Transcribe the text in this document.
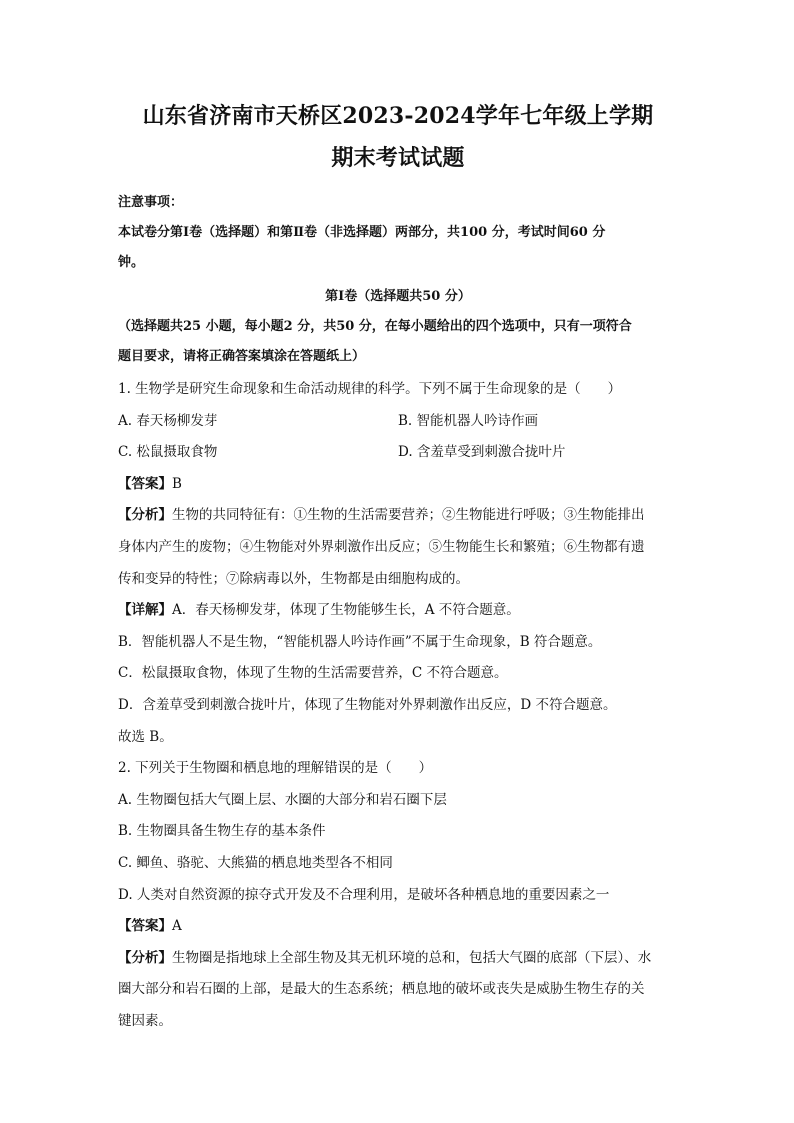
山东省济南市天桥区2023-2024学年七年级上学期
期末考试试题
注意事项：
本试卷分第Ⅰ卷（选择题）和第Ⅱ卷（非选择题）两部分，共100 分，考试时间60 分
钟。
第Ⅰ卷（选择题共50 分）
（选择题共25 小题，每小题2 分，共50 分，在每小题给出的四个选项中，只有一项符合
题目要求，请将正确答案填涂在答题纸上）

1. 生物学是研究生命现象和生命活动规律的科学。下列不属于生命现象的是（　　）

A. 春天杨柳发芽	B. 智能机器人吟诗作画

C. 松鼠摄取食物	D. 含羞草受到刺激合拢叶片

【答案】B

【分析】生物的共同特征有：①生物的生活需要营养；②生物能进行呼吸；③生物能排出
身体内产生的废物；④生物能对外界刺激作出反应；⑤生物能生长和繁殖；⑥生物都有遗
传和变异的特性；⑦除病毒以外，生物都是由细胞构成的。

【详解】A．春天杨柳发芽，体现了生物能够生长，A 不符合题意。

B．智能机器人不是生物，“智能机器人吟诗作画”不属于生命现象，B 符合题意。

C．松鼠摄取食物，体现了生物的生活需要营养，C 不符合题意。

D．含羞草受到刺激合拢叶片，体现了生物能对外界刺激作出反应，D 不符合题意。

故选 B。

2. 下列关于生物圈和栖息地的理解错误的是（　　）

A. 生物圈包括大气圈上层、水圈的大部分和岩石圈下层

B. 生物圈具备生物生存的基本条件

C. 鲫鱼、骆驼、大熊猫的栖息地类型各不相同

D. 人类对自然资源的掠夺式开发及不合理利用，是破坏各种栖息地的重要因素之一

【答案】A

【分析】生物圈是指地球上全部生物及其无机环境的总和，包括大气圈的底部（下层）、水
圈大部分和岩石圈的上部，是最大的生态系统；栖息地的破坏或丧失是威胁生物生存的关
键因素。
